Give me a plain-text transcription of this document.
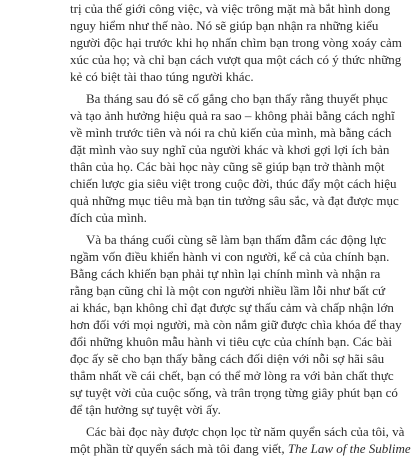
trị của thế giới công việc, và việc trông mặt mà bắt hình dong
nguy hiểm như thế nào. Nó sẽ giúp bạn nhận ra những kiểu
người độc hại trước khi họ nhấn chìm bạn trong vòng xoáy cảm
xúc của họ; và chỉ bạn cách vượt qua một cách có ý thức những
kẻ có biệt tài thao túng người khác.
Ba tháng sau đó sẽ cố gắng cho bạn thấy rằng thuyết phục
và tạo ảnh hưởng hiệu quả ra sao – không phải bằng cách nghĩ
về mình trước tiên và nói ra chủ kiến của mình, mà bằng cách
đặt mình vào suy nghĩ của người khác và khơi gợi lợi ích bản
thân của họ. Các bài học này cũng sẽ giúp bạn trở thành một
chiến lược gia siêu việt trong cuộc đời, thúc đẩy một cách hiệu
quả những mục tiêu mà bạn tin tưởng sâu sắc, và đạt được mục
đích của mình.
Và ba tháng cuối cùng sẽ làm bạn thấm đẫm các động lực
ngầm vốn điều khiển hành vi con người, kể cả của chính bạn.
Bằng cách khiến bạn phải tự nhìn lại chính mình và nhận ra
rằng bạn cũng chỉ là một con người nhiều lầm lỗi như bất cứ
ai khác, bạn không chỉ đạt được sự thấu cảm và chấp nhận lớn
hơn đối với mọi người, mà còn nắm giữ được chìa khóa để thay
đổi những khuôn mẫu hành vi tiêu cực của chính bạn. Các bài
đọc ấy sẽ cho bạn thấy bằng cách đối diện với nỗi sợ hãi sâu
thẳm nhất về cái chết, bạn có thể mở lòng ra với bản chất thực
sự tuyệt vời của cuộc sống, và trân trọng từng giây phút bạn có
để tận hưởng sự tuyệt vời ấy.
Các bài đọc này được chọn lọc từ năm quyển sách của tôi, và
một phần từ quyển sách mà tôi đang viết, The Law of the Sublime
